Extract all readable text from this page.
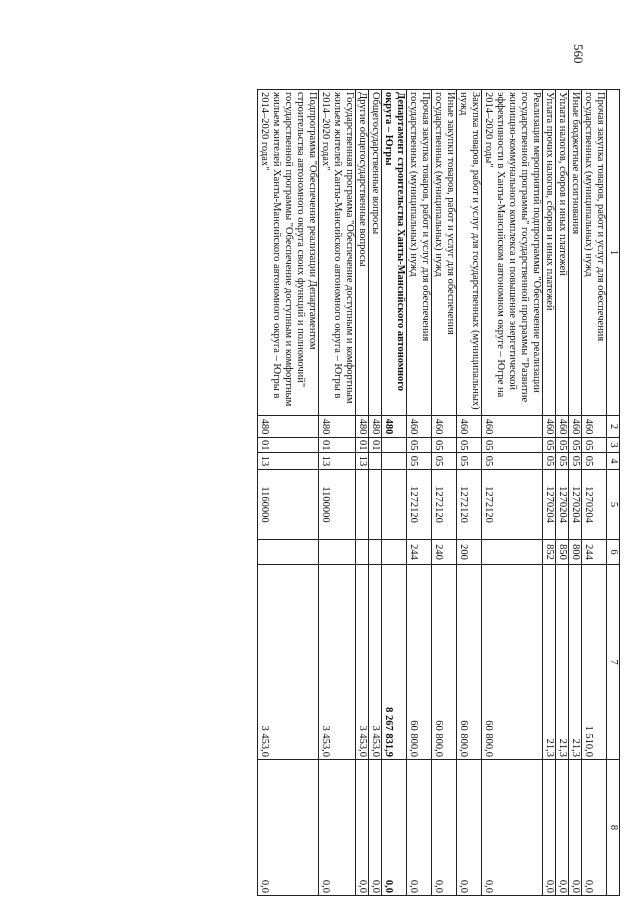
560
1	2	3	4	5	6	7	8
Прочая закупка товаров, работ и услуг для обеспечения государственных (муниципальных) нужд	460	05	05	1270204	244	1 510,0	0,0
Иные бюджетные ассигнования	460	05	05	1270204	800	21,3	0,0
Уплата налогов, сборов и иных платежей	460	05	05	1270204	850	21,3	0,0
Уплата прочих налогов, сборов и иных платежей	460	05	05	1270204	852	21,3	0,0
Реализация мероприятий подпрограммы "Обеспечение реализации государственной программы" государственной программы "Развитие жилищно-коммунального комплекса и повышение энергетической эффективности в Ханты-Мансийском автономном округе – Югре на 2014–2020 годы"	460	05	05	1272120		60 800,0	0,0
Закупка товаров, работ и услуг для государственных (муниципальных) нужд	460	05	05	1272120	200	60 800,0	0,0
Иные закупки товаров, работ и услуг для обеспечения государственных (муниципальных) нужд	460	05	05	1272120	240	60 800,0	0,0
Прочая закупка товаров, работ и услуг для обеспечения государственных (муниципальных) нужд	460	05	05	1272120	244	60 800,0	0,0
Департамент строительства Ханты-Мансийского автономного округа – Югры	480					8 267 831,9	0,0
Общегосударственные вопросы	480	01				3 453,0	0,0
Другие общегосударственные вопросы	480	01	13			3 453,0	0,0
Государственная программа "Обеспечение доступным и комфортным жильем жителей Ханты-Мансийского автономного округа – Югры в 2014–2020 годах"	480	01	13	1100000		3 453,0	0,0
Подпрограмма "Обеспечение реализации Департаментом строительства автономного округа своих функций и полномочий" государственной программы "Обеспечение доступным и комфортным жильем жителей Ханты-Мансийского автономного округа – Югры в 2014–2020 годах"	480	01	13	1160000		3 453,0	0,0
